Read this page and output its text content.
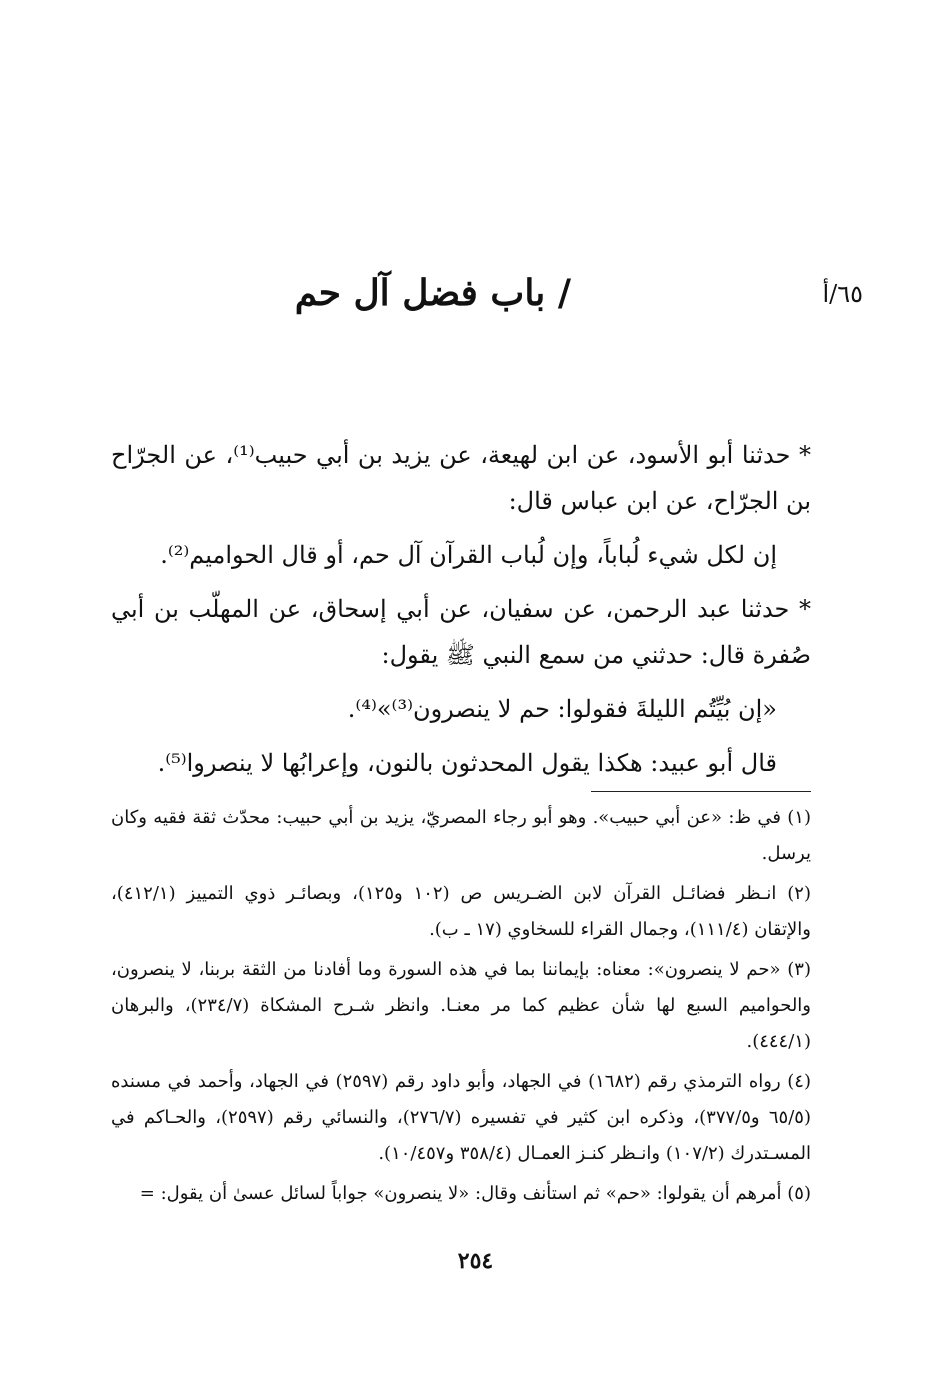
٦٥/أ
/ باب فضل آل حم

* حدثنا أبو الأسود، عن ابن لهيعة، عن يزيد بن أبي حبيب⁽¹⁾، عن الجرّاح بن الجرّاح، عن ابن عباس قال:

إن لكل شيء لُباباً، وإن لُباب القرآن آل حم، أو قال الحواميم⁽²⁾.

* حدثنا عبد الرحمن، عن سفيان، عن أبي إسحاق، عن المهلّب بن أبي صُفرة قال: حدثني من سمع النبي ﷺ يقول:

«إن بُيِّتُم الليلةَ فقولوا: حم لا ينصرون⁽³⁾»⁽⁴⁾.

قال أبو عبيد: هكذا يقول المحدثون بالنون، وإعرابُها لا ينصروا⁽⁵⁾.

(١) في ظ: «عن أبي حبيب». وهو أبو رجاء المصريّ، يزيد بن أبي حبيب: محدّث ثقة فقيه وكان يرسل.
(٢) انـظر فضائـل القرآن لابن الضـريس ص (١٠٢ و١٢٥)، وبصائـر ذوي التمييز (٤١٢/١)، والإتقان (١١١/٤)، وجمال القراء للسخاوي (١٧ ـ ب).
(٣) «حم لا ينصرون»: معناه: بإيماننا بما في هذه السورة وما أفادنا من الثقة بربنا، لا ينصرون، والحواميم السبع لها شأن عظيم كما مر معنـا. وانظر شـرح المشكاة (٢٣٤/٧)، والبرهان (٤٤٤/١).
(٤) رواه الترمذي رقم (١٦٨٢) في الجهاد، وأبو داود رقم (٢٥٩٧) في الجهاد، وأحمد في مسنده (٦٥/٥ و٣٧٧/٥)، وذكره ابن كثير في تفسيره (٢٧٦/٧)، والنسائي رقم (٢٥٩٧)، والحـاكم في المسـتدرك (١٠٧/٢) وانـظر كنـز العمـال (٣٥٨/٤ و١٠/٤٥٧).
(٥) أمرهم أن يقولوا: «حم» ثم استأنف وقال: «لا ينصرون» جواباً لسائل عسىٰ أن يقول: =
٢٥٤
